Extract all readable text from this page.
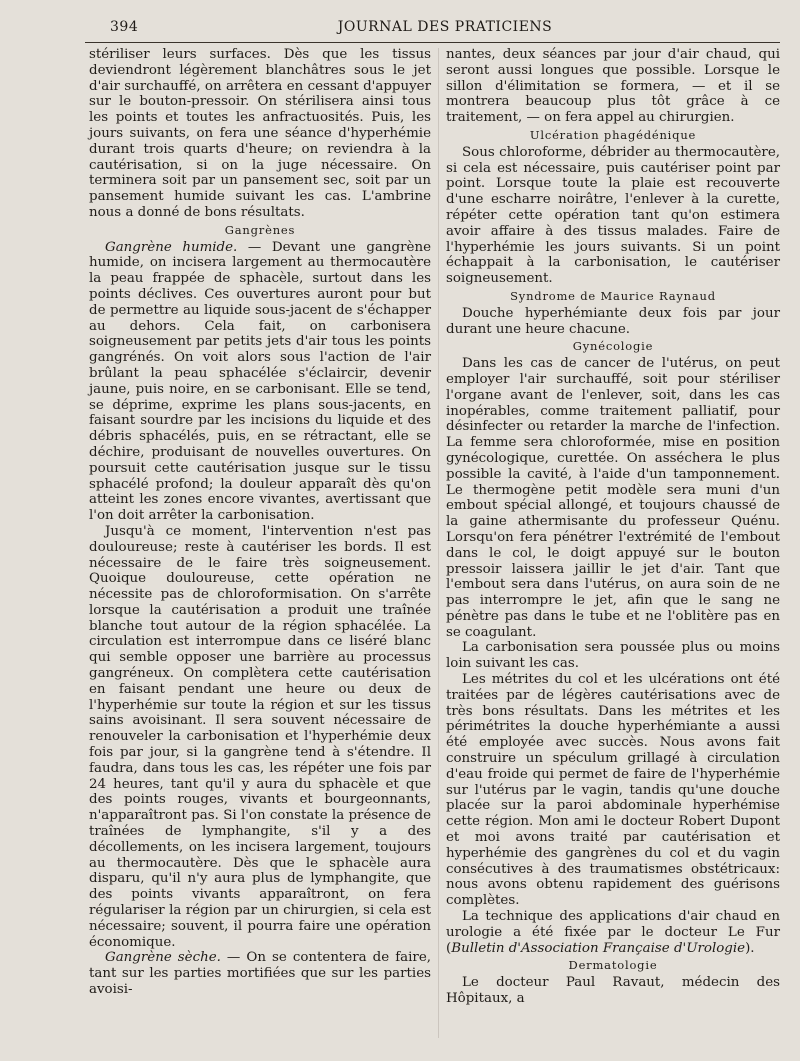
394	JOURNAL DES PRATICIENS

stériliser leurs surfaces. Dès que les tissus deviendront légèrement blanchâtres sous le jet d'air surchauffé, on arrêtera en cessant d'appuyer sur le bouton-pressoir. On stérilisera ainsi tous les points et toutes les anfractuosités. Puis, les jours suivants, on fera une séance d'hyperhémie durant trois quarts d'heure; on reviendra à la cautérisation, si on la juge nécessaire. On terminera soit par un pansement sec, soit par un pansement humide suivant les cas. L'ambrine nous a donné de bons résultats.

Gangrènes

Gangrène humide. — Devant une gangrène humide, on incisera largement au thermocautère la peau frappée de sphacèle, surtout dans les points déclives. Ces ouvertures auront pour but de permettre au liquide sous-jacent de s'échapper au dehors. Cela fait, on carbonisera soigneusement par petits jets d'air tous les points gangrénés. On voit alors sous l'action de l'air brûlant la peau sphacélée s'éclaircir, devenir jaune, puis noire, en se carbonisant. Elle se tend, se déprime, exprime les plans sous-jacents, en faisant sourdre par les incisions du liquide et des débris sphacélés, puis, en se rétractant, elle se déchire, produisant de nouvelles ouvertures. On poursuit cette cautérisation jusque sur le tissu sphacélé profond; la douleur apparaît dès qu'on atteint les zones encore vivantes, avertissant que l'on doit arrêter la carbonisation.

Jusqu'à ce moment, l'intervention n'est pas douloureuse; reste à cautériser les bords. Il est nécessaire de le faire très soigneusement. Quoique douloureuse, cette opération ne nécessite pas de chloroformisation. On s'arrête lorsque la cautérisation a produit une traînée blanche tout autour de la région sphacélée. La circulation est interrompue dans ce liséré blanc qui semble opposer une barrière au processus gangréneux. On complètera cette cautérisation en faisant pendant une heure ou deux de l'hyperhémie sur toute la région et sur les tissus sains avoisinant. Il sera souvent nécessaire de renouveler la carbonisation et l'hyperhémie deux fois par jour, si la gangrène tend à s'étendre. Il faudra, dans tous les cas, les répéter une fois par 24 heures, tant qu'il y aura du sphacèle et que des points rouges, vivants et bourgeonnants, n'apparaîtront pas. Si l'on constate la présence de traînées de lymphangite, s'il y a des décollements, on les incisera largement, toujours au thermocautère. Dès que le sphacèle aura disparu, qu'il n'y aura plus de lymphangite, que des points vivants apparaîtront, on fera régulariser la région par un chirurgien, si cela est nécessaire; souvent, il pourra faire une opération économique.

Gangrène sèche. — On se contentera de faire, tant sur les parties mortifiées que sur les parties avoisi-

nantes, deux séances par jour d'air chaud, qui seront aussi longues que possible. Lorsque le sillon d'élimitation se formera, — et il se montrera beaucoup plus tôt grâce à ce traitement, — on fera appel au chirurgien.

Ulcération phagédénique

Sous chloroforme, débrider au thermocautère, si cela est nécessaire, puis cautériser point par point. Lorsque toute la plaie est recouverte d'une escharre noirâtre, l'enlever à la curette, répéter cette opération tant qu'on estimera avoir affaire à des tissus malades. Faire de l'hyperhémie les jours suivants. Si un point échappait à la carbonisation, le cautériser soigneusement.

Syndrome de Maurice Raynaud

Douche hyperhémiante deux fois par jour durant une heure chacune.

Gynécologie

Dans les cas de cancer de l'utérus, on peut employer l'air surchauffé, soit pour stériliser l'organe avant de l'enlever, soit, dans les cas inopérables, comme traitement palliatif, pour désinfecter ou retarder la marche de l'infection. La femme sera chloroformée, mise en position gynécologique, curettée. On asséchera le plus possible la cavité, à l'aide d'un tamponnement. Le thermogène petit modèle sera muni d'un embout spécial allongé, et toujours chaussé de la gaine athermisante du professeur Quénu. Lorsqu'on fera pénétrer l'extrémité de l'embout dans le col, le doigt appuyé sur le bouton pressoir laissera jaillir le jet d'air. Tant que l'embout sera dans l'utérus, on aura soin de ne pas interrompre le jet, afin que le sang ne pénètre pas dans le tube et ne l'oblitère pas en se coagulant.

La carbonisation sera poussée plus ou moins loin suivant les cas.

Les métrites du col et les ulcérations ont été traitées par de légères cautérisations avec de très bons résultats. Dans les métrites et les périmétrites la douche hyperhémiante a aussi été employée avec succès. Nous avons fait construire un spéculum grillagé à circulation d'eau froide qui permet de faire de l'hyperhémie sur l'utérus par le vagin, tandis qu'une douche placée sur la paroi abdominale hyperhémise cette région. Mon ami le docteur Robert Dupont et moi avons traité par cautérisation et hyperhémie des gangrènes du col et du vagin consécutives à des traumatismes obstétricaux: nous avons obtenu rapidement des guérisons complètes.

La technique des applications d'air chaud en urologie a été fixée par le docteur Le Fur (Bulletin d'Association Française d'Urologie).

Dermatologie

Le docteur Paul Ravaut, médecin des Hôpitaux, a
